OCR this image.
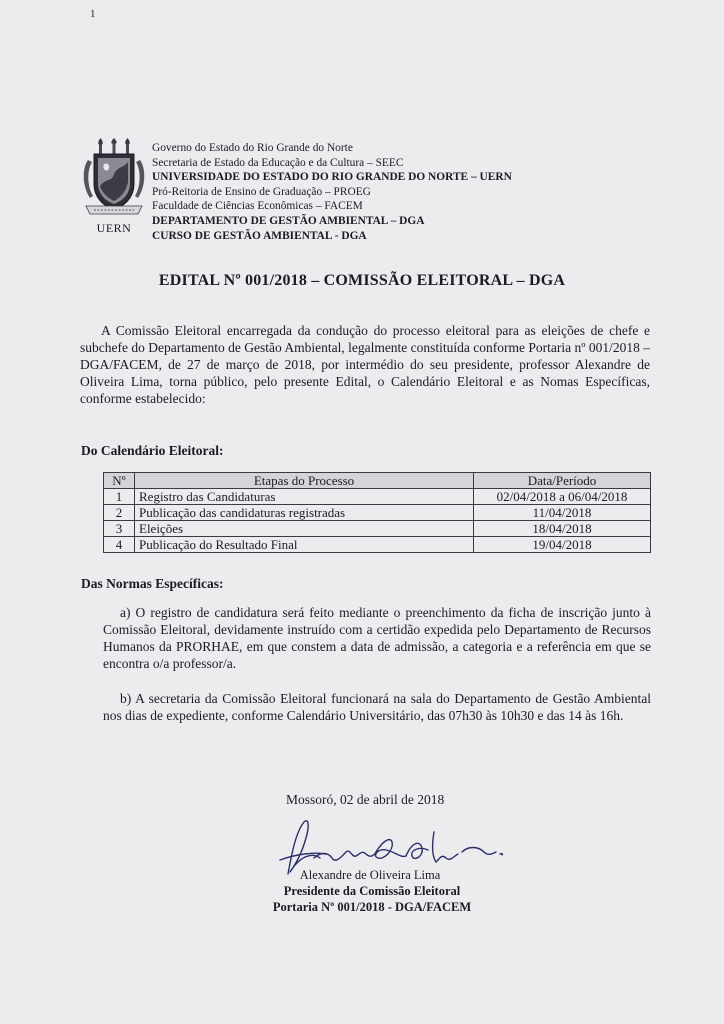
1
UERN
Governo do Estado do Rio Grande do Norte
Secretaria de Estado da Educação e da Cultura – SEEC
UNIVERSIDADE DO ESTADO DO RIO GRANDE DO NORTE – UERN
Pró-Reitoria de Ensino de Graduação – PROEG
Faculdade de Ciências Econômicas – FACEM
DEPARTAMENTO DE GESTÃO AMBIENTAL – DGA
CURSO DE GESTÃO AMBIENTAL - DGA
EDITAL Nº 001/2018 – COMISSÃO ELEITORAL – DGA

A Comissão Eleitoral encarregada da condução do processo eleitoral para as eleições de chefe e subchefe do Departamento de Gestão Ambiental, legalmente constituída conforme Portaria nº 001/2018 – DGA/FACEM, de 27 de março de 2018, por intermédio do seu presidente, professor Alexandre de Oliveira Lima, torna público, pelo presente Edital, o Calendário Eleitoral e as Nomas Específicas, conforme estabelecido:

Do Calendário Eleitoral:
Nº	Etapas do Processo	Data/Período
1	Registro das Candidaturas	02/04/2018 a 06/04/2018
2	Publicação das candidaturas registradas	11/04/2018
3	Eleições	18/04/2018
4	Publicação do Resultado Final	19/04/2018
Das Normas Específicas:

a) O registro de candidatura será feito mediante o preenchimento da ficha de inscrição junto à Comissão Eleitoral, devidamente instruído com a certidão expedida pelo Departamento de Recursos Humanos da PRORHAE, em que constem a data de admissão, a categoria e a referência em que se encontra o/a professor/a.

b) A secretaria da Comissão Eleitoral funcionará na sala do Departamento de Gestão Ambiental nos dias de expediente, conforme Calendário Universitário, das 07h30 às 10h30 e das 14 às 16h.

Mossoró, 02 de abril de 2018
Alexandre de Oliveira Lima
Presidente da Comissão Eleitoral
Portaria Nº 001/2018 - DGA/FACEM
